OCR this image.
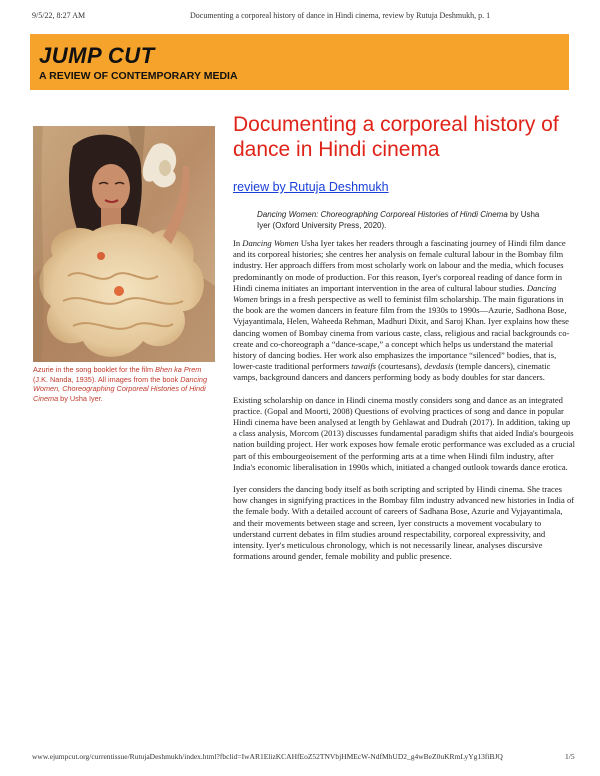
9/5/22, 8:27 AM	Documenting a corporeal history of dance in Hindi cinema, review by Rutuja Deshmukh, p. 1
JUMP CUT
A REVIEW OF CONTEMPORARY MEDIA
Azurie in the song booklet for the film Bhen ka Prem (J.K. Nanda, 1935). All images from the book Dancing Women, Choreographing Corporeal Histories of Hindi Cinema by Usha Iyer.
Documenting a corporeal history of dance in Hindi cinema
review by Rutuja Deshmukh
Dancing Women: Choreographing Corporeal Histories of Hindi Cinema by Usha Iyer (Oxford University Press, 2020).

In Dancing Women Usha Iyer takes her readers through a fascinating journey of Hindi film dance and its corporeal histories; she centres her analysis on female cultural labour in the Bombay film industry. Her approach differs from most scholarly work on labour and the media, which focuses predominantly on mode of production. For this reason, Iyer's corporeal reading of dance form in Hindi cinema initiates an important intervention in the area of cultural labour studies. Dancing Women brings in a fresh perspective as well to feminist film scholarship. The main figurations in the book are the women dancers in feature film from the 1930s to 1990s—Azurie, Sadhona Bose, Vyjayantimala, Helen, Waheeda Rehman, Madhuri Dixit, and Saroj Khan. Iyer explains how these dancing women of Bombay cinema from various caste, class, religious and racial backgrounds co-create and co-choreograph a “dance-scape,” a concept which helps us understand the material history of dancing bodies. Her work also emphasizes the importance “silenced” bodies, that is, lower-caste traditional performers tawaifs (courtesans), devdasis (temple dancers), cinematic vamps, background dancers and dancers performing body as body doubles for star dancers.

Existing scholarship on dance in Hindi cinema mostly considers song and dance as an integrated practice. (Gopal and Moorti, 2008) Questions of evolving practices of song and dance in popular Hindi cinema have been analysed at length by Gehlawat and Dudrah (2017). In addition, taking up a class analysis, Morcom (2013) discusses fundamental paradigm shifts that aided India's bourgeois nation building project. Her work exposes how female erotic performance was excluded as a crucial part of this embourgeoisement of the performing arts at a time when Hindi film industry, after India's economic liberalisation in 1990s which, initiated a changed outlook towards dance erotica.

Iyer considers the dancing body itself as both scripting and scripted by Hindi cinema. She traces how changes in signifying practices in the Bombay film industry advanced new histories in India of the female body. With a detailed account of careers of Sadhana Bose, Azurie and Vyjayantimala, and their movements between stage and screen, Iyer constructs a movement vocabulary to understand current debates in film studies around respectability, corporeal expressivity, and intensity. Iyer's meticulous chronology, which is not necessarily linear, analyses discursive formations around gender, female mobility and public presence.

www.ejumpcut.org/currentissue/RutujaDeshmukh/index.html?fbclid=IwAR1ElizKCAHfEoZ52TNVbjHMEcW-NdfMhUD2_g4wBeZ0uKRmLyYg13fiBJQ	1/5
